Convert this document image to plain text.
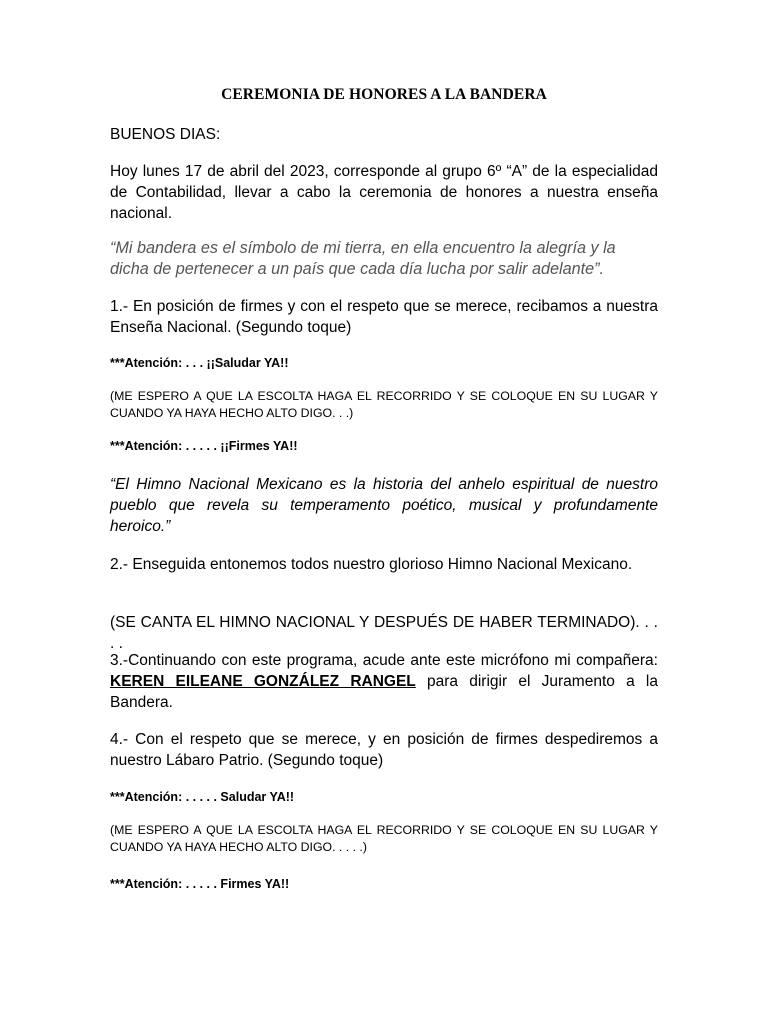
CEREMONIA DE HONORES A LA BANDERA

BUENOS DIAS:

Hoy lunes 17 de abril del 2023, corresponde al grupo 6º “A” de la especialidad de Contabilidad, llevar a cabo la ceremonia de honores a nuestra enseña nacional.

“Mi bandera es el símbolo de mi tierra, en ella encuentro la alegría y la dicha de pertenecer a un país que cada día lucha por salir adelante”.

1.- En posición de firmes y con el respeto que se merece, recibamos a nuestra Enseña Nacional. (Segundo toque)

***Atención: . . . ¡¡Saludar YA!!

(ME ESPERO A QUE LA ESCOLTA HAGA EL RECORRIDO Y SE COLOQUE EN SU LUGAR Y CUANDO YA HAYA HECHO ALTO DIGO. . .)

***Atención: . . . . . ¡¡Firmes YA!!

“El Himno Nacional Mexicano es la historia del anhelo espiritual de nuestro pueblo que revela su temperamento poético, musical y profundamente heroico.”

2.- Enseguida entonemos todos nuestro glorioso Himno Nacional Mexicano.

(SE CANTA EL HIMNO NACIONAL Y DESPUÉS DE HABER TERMINADO). . . . .

3.-Continuando con este programa, acude ante este micrófono mi compañera: KEREN EILEANE GONZÁLEZ RANGEL para dirigir el Juramento a la Bandera.

4.- Con el respeto que se merece, y en posición de firmes despediremos a nuestro Lábaro Patrio. (Segundo toque)

***Atención: . . . . . Saludar YA!!

(ME ESPERO A QUE LA ESCOLTA HAGA EL RECORRIDO Y SE COLOQUE EN SU LUGAR Y CUANDO YA HAYA HECHO ALTO DIGO. . . . .)

***Atención: . . . . . Firmes YA!!
